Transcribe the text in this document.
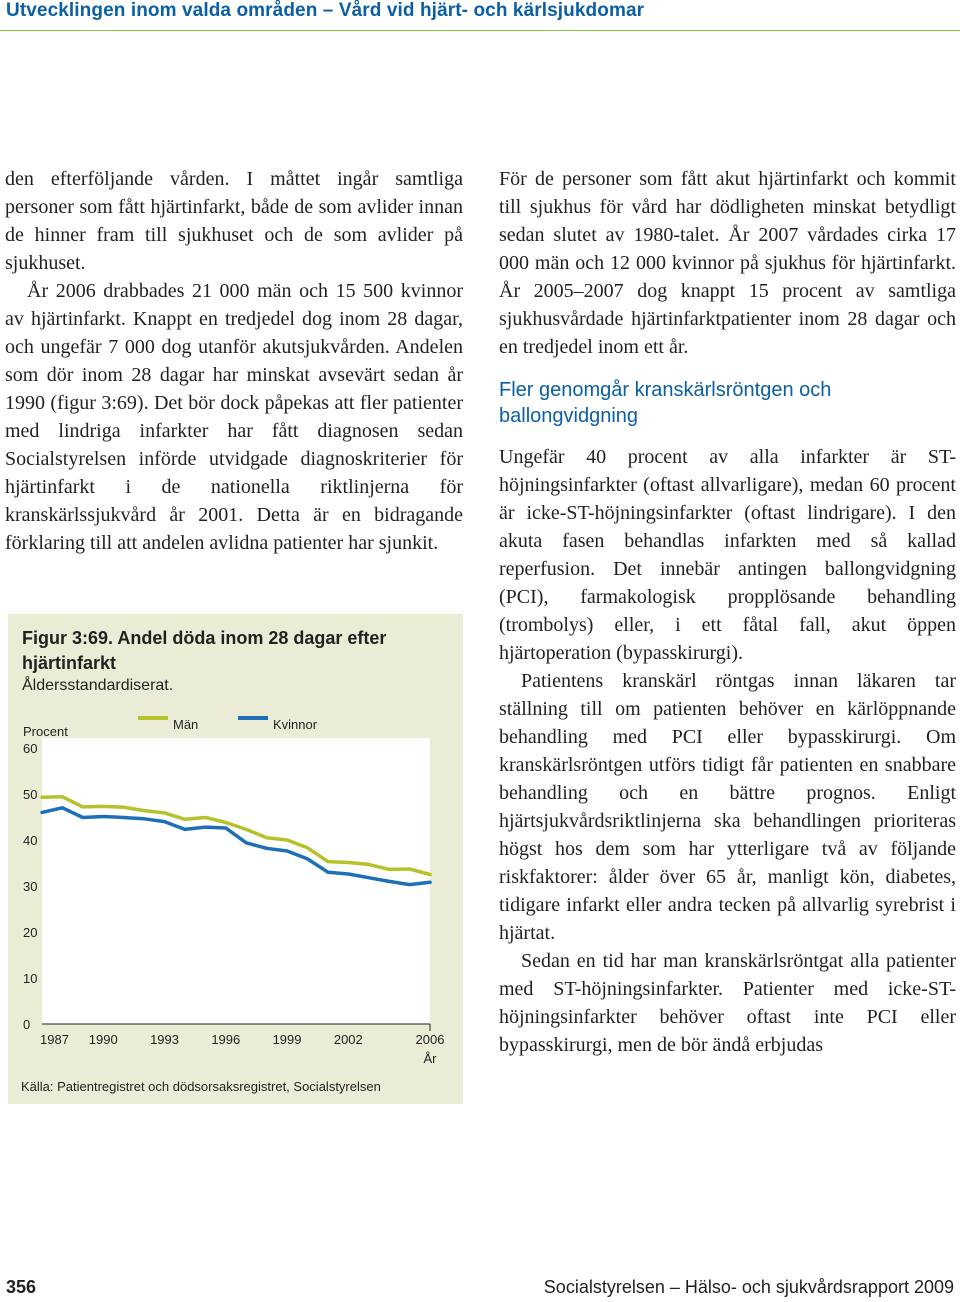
Utvecklingen inom valda områden – Vård vid hjärt- och kärlsjukdomar

den efterföljande vården. I måttet ingår samtliga personer som fått hjärtinfarkt, både de som avlider innan de hinner fram till sjukhuset och de som avlider på sjukhuset.

År 2006 drabbades 21 000 män och 15 500 kvinnor av hjärtinfarkt. Knappt en tredjedel dog inom 28 dagar, och ungefär 7 000 dog utanför akutsjukvården. Andelen som dör inom 28 dagar har minskat avsevärt sedan år 1990 (figur 3:69). Det bör dock påpekas att fler patienter med lindriga infarkter har fått diagnosen sedan Socialstyrelsen införde utvidgade diagnoskriterier för hjärtinfarkt i de nationella riktlinjerna för kranskärlssjukvård år 2001. Detta är en bidragande förklaring till att andelen avlidna patienter har sjunkit.

Figur 3:69. Andel döda inom 28 dagar efter hjärtinfarkt
Åldersstandardiserat.
0
10
20
30
40
50
60
Procent
1987 1990 1993 1996 1999 2002	2006
År
Män	Kvinnor
Källa: Patientregistret och dödsorsaksregistret, Socialstyrelsen

För de personer som fått akut hjärtinfarkt och kommit till sjukhus för vård har dödligheten minskat betydligt sedan slutet av 1980-talet. År 2007 vårdades cirka 17 000 män och 12 000 kvinnor på sjukhus för hjärtinfarkt. År 2005–2007 dog knappt 15 procent av samtliga sjukhusvårdade hjärtinfarktpatienter inom 28 dagar och en tredjedel inom ett år.

Fler genomgår kranskärlsröntgen och ballongvidgning

Ungefär 40 procent av alla infarkter är ST-höjningsinfarkter (oftast allvarligare), medan 60 procent är icke-ST-höjningsinfarkter (oftast lindrigare). I den akuta fasen behandlas infarkten med så kallad reperfusion. Det innebär antingen ballongvidgning (PCI), farmakologisk propplösande behandling (trombolys) eller, i ett fåtal fall, akut öppen hjärtoperation (bypasskirurgi).

Patientens kranskärl röntgas innan läkaren tar ställning till om patienten behöver en kärlöppnande behandling med PCI eller bypasskirurgi. Om kranskärlsröntgen utförs tidigt får patienten en snabbare behandling och en bättre prognos. Enligt hjärtsjukvårdsriktlinjerna ska behandlingen prioriteras högst hos dem som har ytterligare två av följande riskfaktorer: ålder över 65 år, manligt kön, diabetes, tidigare infarkt eller andra tecken på allvarlig syrebrist i hjärtat.

Sedan en tid har man kranskärlsröntgat alla patienter med ST-höjningsinfarkter. Patienter med icke-ST-höjningsinfarkter behöver oftast inte PCI eller bypasskirurgi, men de bör ändå erbjudas

356	Socialstyrelsen – Hälso- och sjukvårdsrapport 2009
